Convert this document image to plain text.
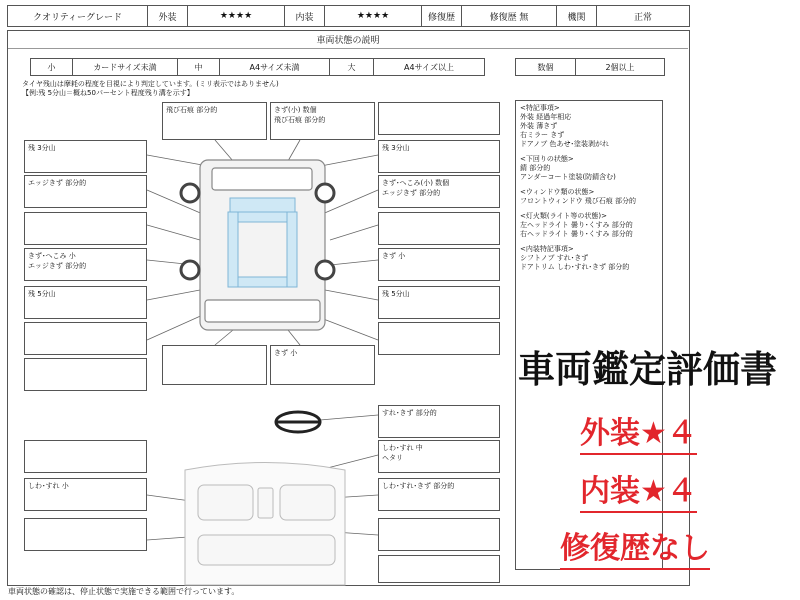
クオリティーグレード	外装	★★★★	内装	★★★★	修復歴	修復歴 無	機関	正常
車両状態の説明
小	カードサイズ未満	中	A4サイズ未満	大	A4サイズ以上	数個	2個以上
タイヤ残山は摩耗の程度を目視により判定しています。(ミリ表示ではありません)
【例:残 5分山＝概ね50パーセント程度残り溝を示す】
残 3分山
エッジきず 部分的
きず･へこみ 小
エッジきず 部分的
残 5分山
しわ･すれ 小
飛び石痕 部分的	きず(小) 数個
飛び石痕 部分的
残 3分山
きず･へこみ(小) 数個
エッジきず 部分的
きず 小
残 5分山
すれ･きず 部分的
しわ･すれ 中
ヘタリ
しわ･すれ･きず 部分的
きず 小

<特記事項>

外装 経過年相応

外装 薄きず

右ミラー きず

ドアノブ 色あせ･塗装剥がれ

<下回りの状態>

錆 部分的

アンダーコート塗装(防錆含む)

<ウィンドウ類の状態>

フロントウィンドウ 飛び石痕 部分的

<灯火類(ライト等の状態)>

左ヘッドライト 曇り･くすみ 部分的

右ヘッドライト 曇り･くすみ 部分的

<内装特記事項>

シフトノブ すれ･きず

ドアトリム しわ･すれ･きず 部分的

車両状態の確認は、停止状態で実施できる範囲で行っています。
車両鑑定評価書
外装★４
内装★４
修復歴なし
